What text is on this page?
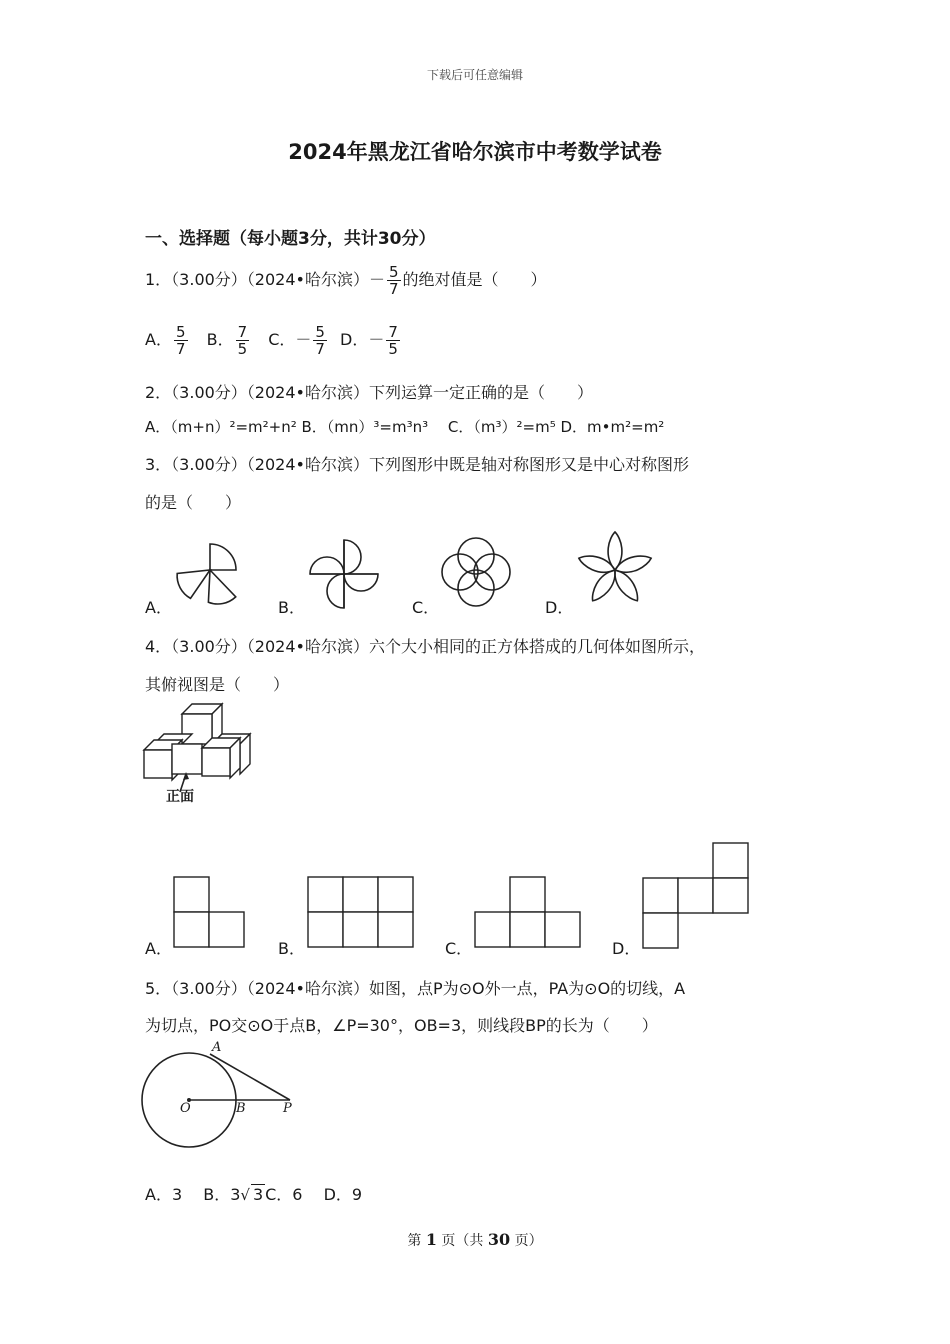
下载后可任意编辑
2024年黑龙江省哈尔滨市中考数学试卷
一、选择题（每小题3分，共计30分）
1．（3.00分）（2024•哈尔滨）－ $\frac{5}{7}$ 的绝对值是（　　）
A． $\frac{5}{7}$ B． $\frac{7}{5}$ C．－ $\frac{5}{7}$ D．－ $\frac{7}{5}$
2．（3.00分）（2024•哈尔滨）下列运算一定正确的是（　　）
A．（m+n）²=m²+n² B．（mn）³=m³n³　 C．（m³）²=m⁵ D．m•m²=m²
3．（3.00分）（2024•哈尔滨）下列图形中既是轴对称图形又是中心对称图形
的是（　　）
A．	B．	C．	D．
4．（3.00分）（2024•哈尔滨）六个大小相同的正方体搭成的几何体如图所示，
其俯视图是（　　）
正面
A．	B．	C．	D．
5．（3.00分）（2024•哈尔滨）如图，点P为⊙O外一点，PA为⊙O的切线，A
为切点，PO交⊙O于点B，∠P=30°，OB=3，则线段BP的长为（　　）
A
O	B	P
A．3　 B．3√ 3 C．6　 D．9
第 1 页（共 30 页）
